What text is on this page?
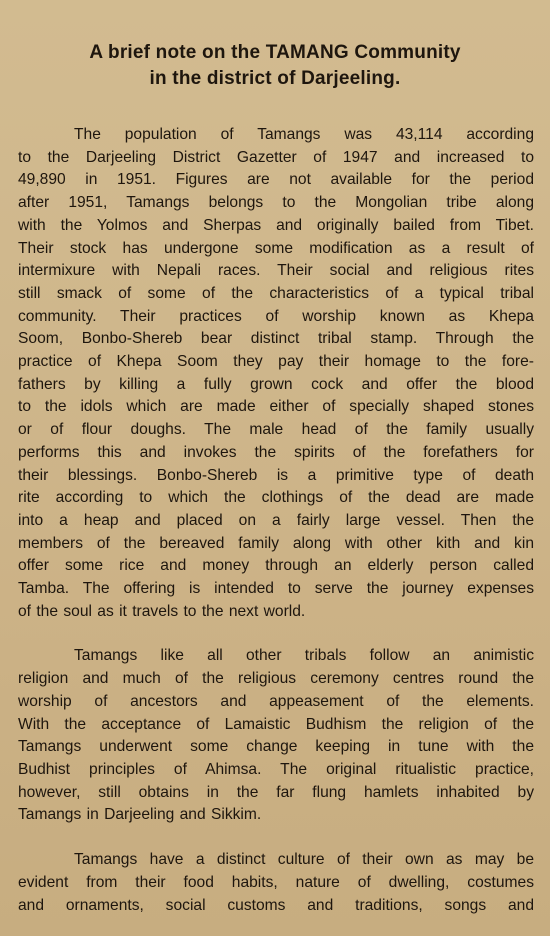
A brief note on the TAMANG Community
in the district of Darjeeling.
The population of Tamangs was 43,114 according
to the Darjeeling District Gazetter of 1947 and increased to
49,890 in 1951. Figures are not available for the period
after 1951, Tamangs belongs to the Mongolian tribe along
with the Yolmos and Sherpas and originally bailed from Tibet.
Their stock has undergone some modification as a result of
intermixure with Nepali races. Their social and religious rites
still smack of some of the characteristics of a typical tribal
community. Their practices of worship known as Khepa
Soom, Bonbo-Shereb bear distinct tribal stamp. Through the
practice of Khepa Soom they pay their homage to the fore-
fathers by killing a fully grown cock and offer the blood
to the idols which are made either of specially shaped stones
or of flour doughs. The male head of the family usually
performs this and invokes the spirits of the forefathers for
their blessings. Bonbo-Shereb is a primitive type of death
rite according to which the clothings of the dead are made
into a heap and placed on a fairly large vessel. Then the
members of the bereaved family along with other kith and kin
offer some rice and money through an elderly person called
Tamba. The offering is intended to serve the journey expenses
of the soul as it travels to the next world.
Tamangs like all other tribals follow an animistic
religion and much of the religious ceremony centres round the
worship of ancestors and appeasement of the elements.
With the acceptance of Lamaistic Budhism the religion of the
Tamangs underwent some change keeping in tune with the
Budhist principles of Ahimsa. The original ritualistic practice,
however, still obtains in the far flung hamlets inhabited by
Tamangs in Darjeeling and Sikkim.
Tamangs have a distinct culture of their own as may be
evident from their food habits, nature of dwelling, costumes
and ornaments, social customs and traditions, songs and
